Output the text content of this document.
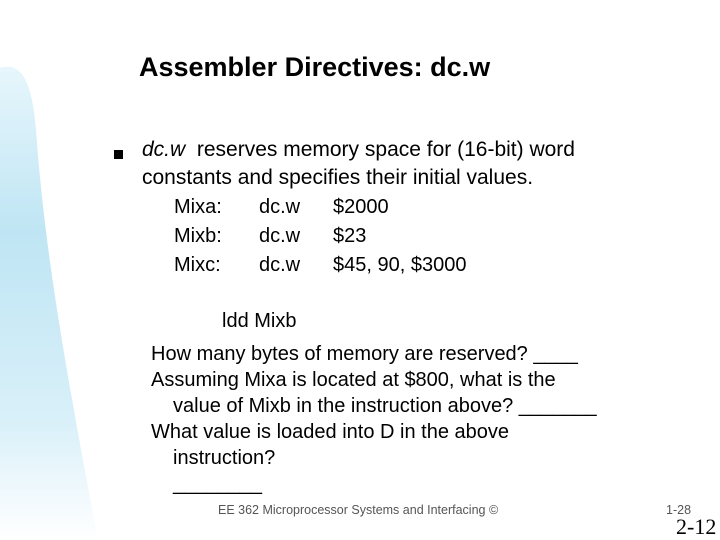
Assembler Directives: dc.w
dc.w  reserves memory space for (16-bit) word
constants and specifies their initial values.
Mixa:
Mixb:
Mixc:
dc.w
dc.w
dc.w
$2000
$23
$45, 90, $3000
ldd Mixb
How many bytes of memory are reserved? ____
Assuming Mixa is located at $800, what is the
value of Mixb in the instruction above? _______
What value is loaded into D in the above
instruction?
________
EE 362 Microprocessor Systems and Interfacing ©	1-28
2-12
